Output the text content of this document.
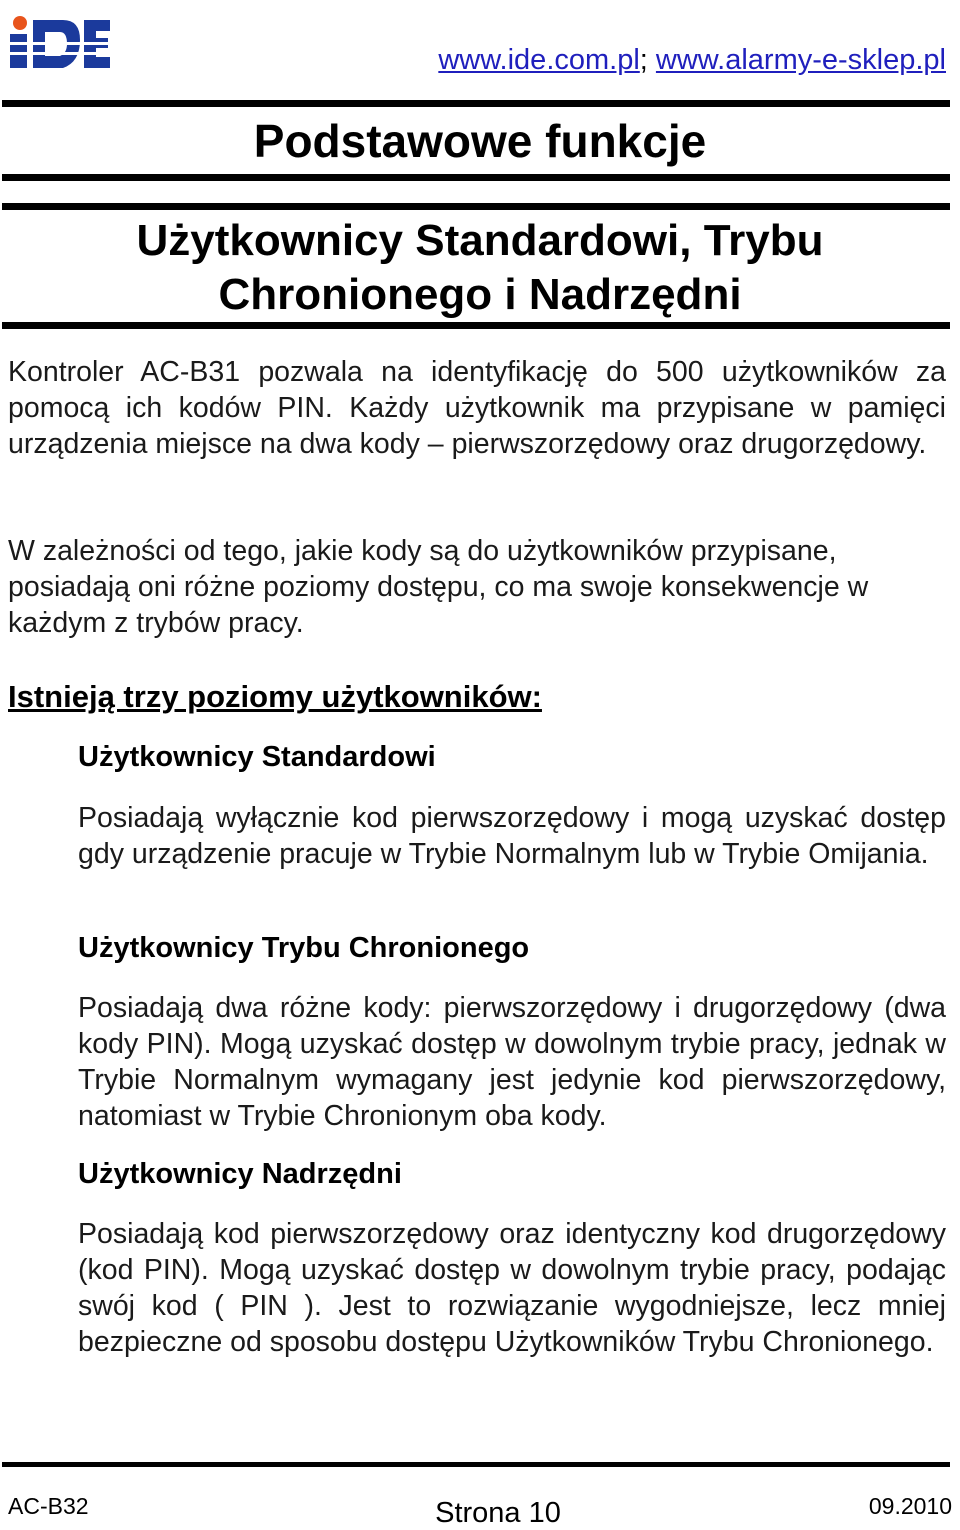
www.ide.com.pl; www.alarmy-e-sklep.pl
Podstawowe funkcje
Użytkownicy Standardowi, Trybu
Chronionego i Nadrzędni
Kontroler AC-B31 pozwala na identyfikację do 500 użytkowników za pomocą ich kodów PIN. Każdy użytkownik ma przypisane w pamięci urządzenia miejsce na dwa kody – pierwszorzędowy oraz drugorzędowy.
W zależności od tego, jakie kody są do użytkowników przypisane, posiadają oni różne poziomy dostępu, co ma swoje konsekwencje w każdym z trybów pracy.
Istnieją trzy poziomy użytkowników:
Użytkownicy Standardowi
Posiadają wyłącznie kod pierwszorzędowy i mogą uzyskać dostęp gdy urządzenie pracuje w Trybie Normalnym lub w Trybie Omijania.
Użytkownicy Trybu Chronionego
Posiadają dwa różne kody: pierwszorzędowy i drugorzędowy (dwa kody PIN). Mogą uzyskać dostęp w dowolnym trybie pracy, jednak w Trybie Normalnym wymagany jest jedynie kod pierwszorzędowy, natomiast w Trybie Chronionym oba kody.
Użytkownicy Nadrzędni
Posiadają kod pierwszorzędowy oraz identyczny kod drugorzędowy (kod PIN). Mogą uzyskać dostęp w dowolnym trybie pracy, podając swój kod ( PIN ). Jest to rozwiązanie wygodniejsze, lecz mniej bezpieczne od sposobu dostępu Użytkowników Trybu Chronionego.
AC-B32	Strona 10	09.2010
